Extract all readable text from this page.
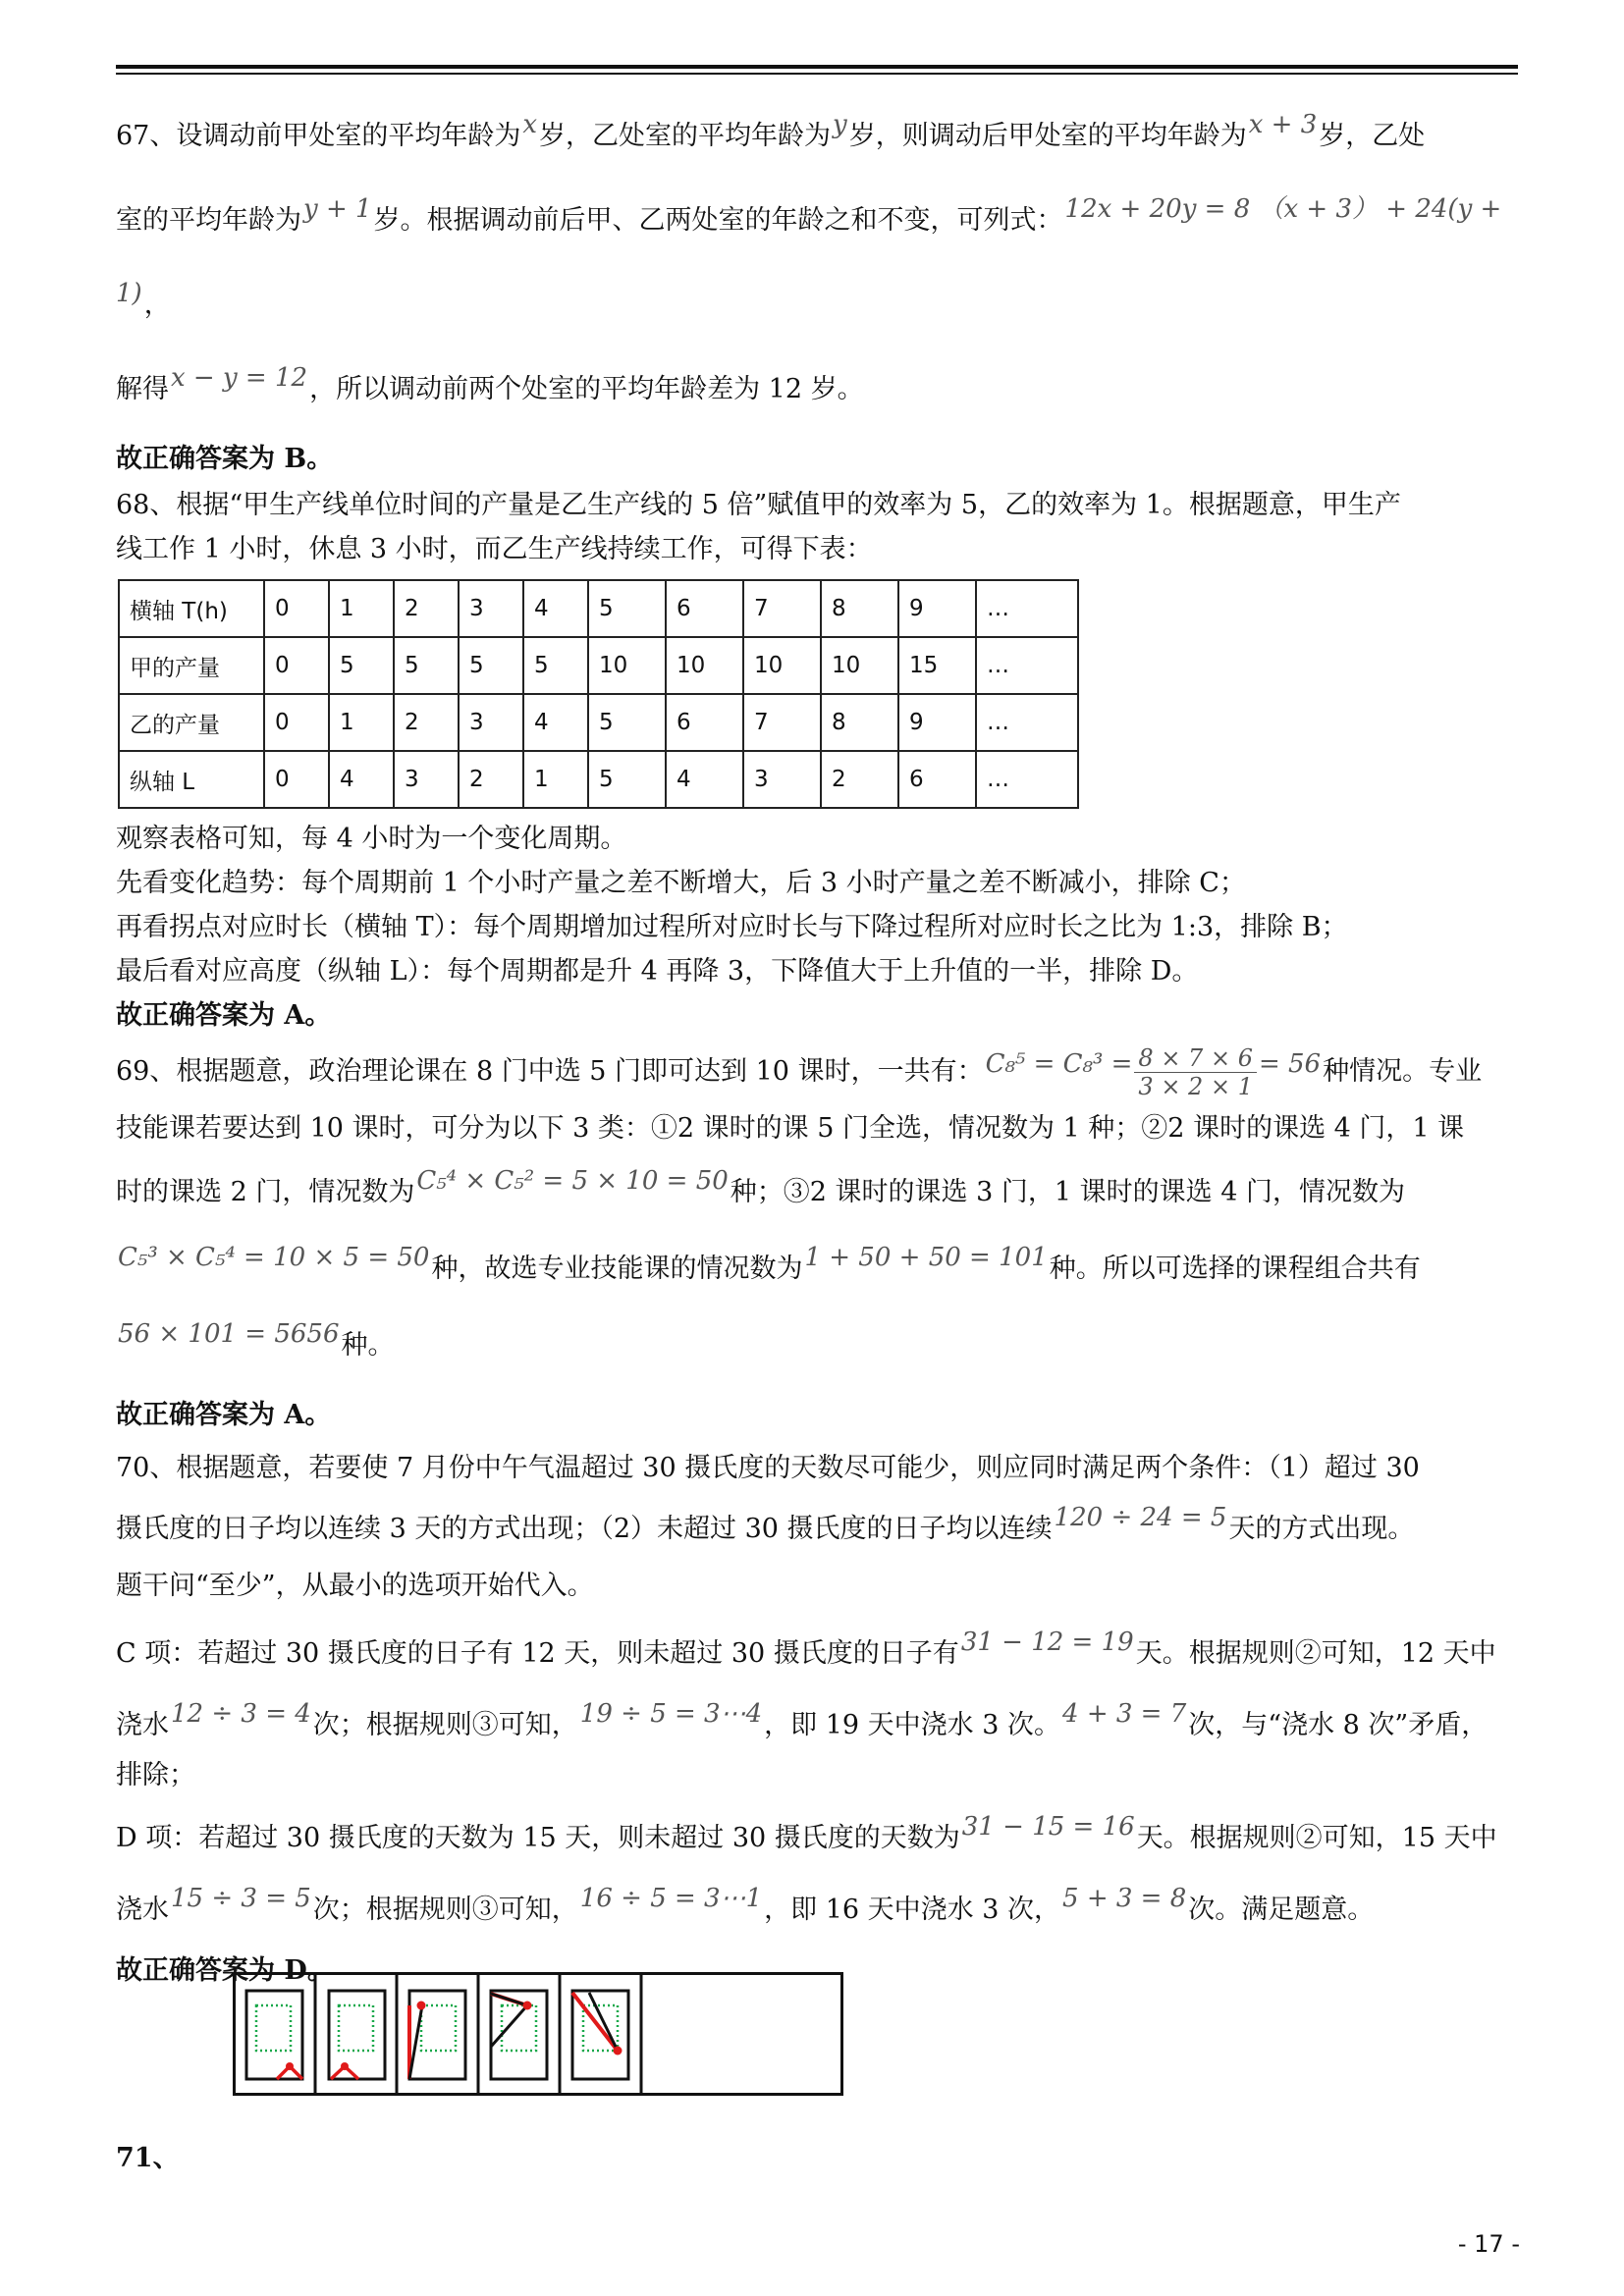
67、设调动前甲处室的平均年龄为x岁，乙处室的平均年龄为y岁，则调动后甲处室的平均年龄为x + 3岁，乙处

室的平均年龄为y + 1岁。根据调动前后甲、乙两处室的年龄之和不变，可列式：12x + 20y = 8 （x + 3） + 24(y + 1)，

解得x − y = 12，所以调动前两个处室的平均年龄差为 12 岁。

故正确答案为 B。

68、根据“甲生产线单位时间的产量是乙生产线的 5 倍”赋值甲的效率为 5，乙的效率为 1。根据题意，甲生产

线工作 1 小时，休息 3 小时，而乙生产线持续工作，可得下表：

横轴 T(h)	0	1	2	3	4	5	6	7	8	9	…
甲的产量	0	5	5	5	5	10	10	10	10	15	…
乙的产量	0	1	2	3	4	5	6	7	8	9	…
纵轴 L	0	4	3	2	1	5	4	3	2	6	…

观察表格可知，每 4 小时为一个变化周期。

先看变化趋势：每个周期前 1 个小时产量之差不断增大，后 3 小时产量之差不断减小，排除 C；

再看拐点对应时长（横轴 T）：每个周期增加过程所对应时长与下降过程所对应时长之比为 1:3，排除 B；

最后看对应高度（纵轴 L）：每个周期都是升 4 再降 3，下降值大于上升值的一半，排除 D。

故正确答案为 A。

69、根据题意，政治理论课在 8 门中选 5 门即可达到 10 课时，一共有：$C_8^5 = C_8^3 = \frac{8 \times 7 \times 6}{3 \times 2 \times 1} = 56$种情况。专业

技能课若要达到 10 课时，可分为以下 3 类：①2 课时的课 5 门全选，情况数为 1 种；②2 课时的课选 4 门，1 课

时的课选 2 门，情况数为C₅⁴ × C₅² = 5 × 10 = 50种；③2 课时的课选 3 门，1 课时的课选 4 门，情况数为

C₅³ × C₅⁴ = 10 × 5 = 50种，故选专业技能课的情况数为1 + 50 + 50 = 101种。所以可选择的课程组合共有

56 × 101 = 5656种。

故正确答案为 A。

70、根据题意，若要使 7 月份中午气温超过 30 摄氏度的天数尽可能少，则应同时满足两个条件：（1）超过 30

摄氏度的日子均以连续 3 天的方式出现；（2）未超过 30 摄氏度的日子均以连续120 ÷ 24 = 5天的方式出现。

题干问“至少”，从最小的选项开始代入。

C 项：若超过 30 摄氏度的日子有 12 天，则未超过 30 摄氏度的日子有31 − 12 = 19天。根据规则②可知，12 天中

浇水12 ÷ 3 = 4次；根据规则③可知，19 ÷ 5 = 3⋯4，即 19 天中浇水 3 次。4 + 3 = 7次，与“浇水 8 次”矛盾，

排除；

D 项：若超过 30 摄氏度的天数为 15 天，则未超过 30 摄氏度的天数为31 − 15 = 16天。根据规则②可知，15 天中

浇水15 ÷ 3 = 5次；根据规则③可知，16 ÷ 5 = 3⋯1，即 16 天中浇水 3 次，5 + 3 = 8次。满足题意。

故正确答案为 D。

71、
- 17 -
